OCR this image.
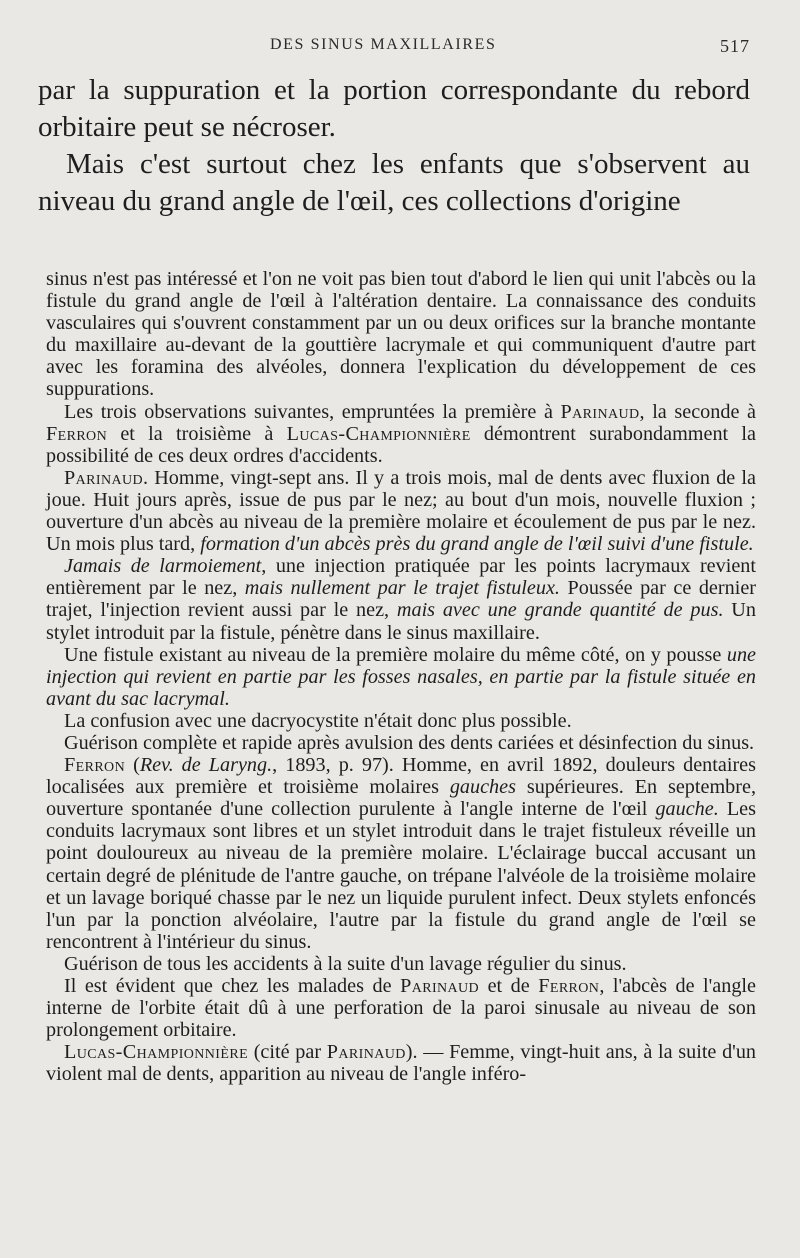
DES SINUS MAXILLAIRES	517

par la suppuration et la portion correspondante du rebord orbitaire peut se nécroser.

Mais c'est surtout chez les enfants que s'observent au niveau du grand angle de l'œil, ces collections d'origine

sinus n'est pas intéressé et l'on ne voit pas bien tout d'abord le lien qui unit l'abcès ou la fistule du grand angle de l'œil à l'altération dentaire. La connaissance des conduits vasculaires qui s'ouvrent constamment par un ou deux orifices sur la branche montante du maxillaire au-devant de la gouttière lacrymale et qui communiquent d'autre part avec les foramina des alvéoles, donnera l'explication du développement de ces suppurations.

Les trois observations suivantes, empruntées la première à Parinaud, la seconde à Ferron et la troisième à Lucas-Championnière démontrent surabondamment la possibilité de ces deux ordres d'accidents.

Parinaud. Homme, vingt-sept ans. Il y a trois mois, mal de dents avec fluxion de la joue. Huit jours après, issue de pus par le nez; au bout d'un mois, nouvelle fluxion ; ouverture d'un abcès au niveau de la première molaire et écoulement de pus par le nez. Un mois plus tard, formation d'un abcès près du grand angle de l'œil suivi d'une fistule.

Jamais de larmoiement, une injection pratiquée par les points lacrymaux revient entièrement par le nez, mais nullement par le trajet fistuleux. Poussée par ce dernier trajet, l'injection revient aussi par le nez, mais avec une grande quantité de pus. Un stylet introduit par la fistule, pénètre dans le sinus maxillaire.

Une fistule existant au niveau de la première molaire du même côté, on y pousse une injection qui revient en partie par les fosses nasales, en partie par la fistule située en avant du sac lacrymal.

La confusion avec une dacryocystite n'était donc plus possible.

Guérison complète et rapide après avulsion des dents cariées et désinfection du sinus.

Ferron (Rev. de Laryng., 1893, p. 97). Homme, en avril 1892, douleurs dentaires localisées aux première et troisième molaires gauches supérieures. En septembre, ouverture spontanée d'une collection purulente à l'angle interne de l'œil gauche. Les conduits lacrymaux sont libres et un stylet introduit dans le trajet fistuleux réveille un point douloureux au niveau de la première molaire. L'éclairage buccal accusant un certain degré de plénitude de l'antre gauche, on trépane l'alvéole de la troisième molaire et un lavage boriqué chasse par le nez un liquide purulent infect. Deux stylets enfoncés l'un par la ponction alvéolaire, l'autre par la fistule du grand angle de l'œil se rencontrent à l'intérieur du sinus.

Guérison de tous les accidents à la suite d'un lavage régulier du sinus.

Il est évident que chez les malades de Parinaud et de Ferron, l'abcès de l'angle interne de l'orbite était dû à une perforation de la paroi sinusale au niveau de son prolongement orbitaire.

Lucas-Championnière (cité par Parinaud). — Femme, vingt-huit ans, à la suite d'un violent mal de dents, apparition au niveau de l'angle inféro-
